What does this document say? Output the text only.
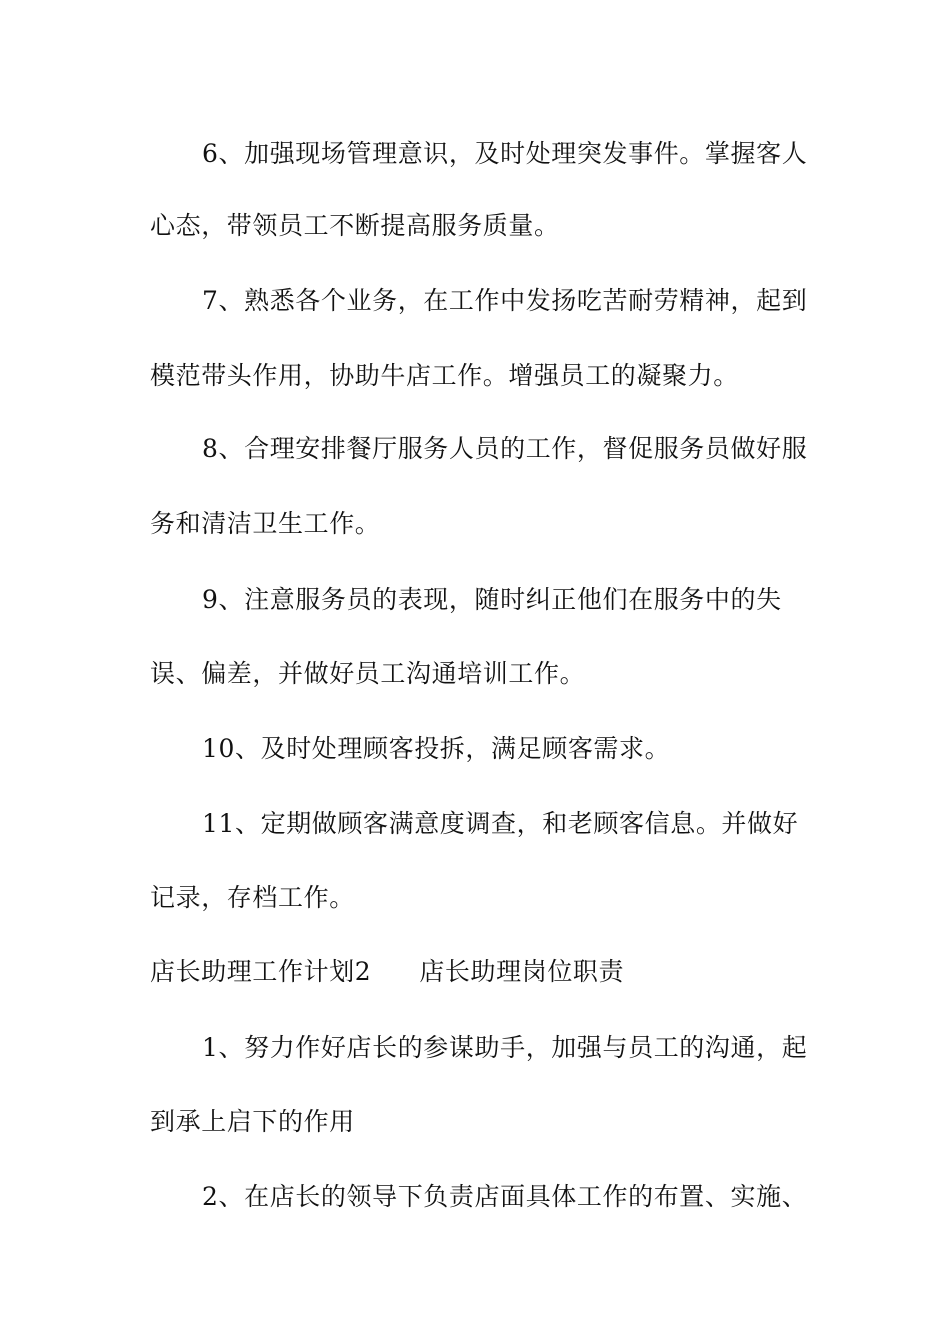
6、加强现场管理意识，及时处理突发事件。掌握客人
心态，带领员工不断提高服务质量。
7、熟悉各个业务，在工作中发扬吃苦耐劳精神，起到
模范带头作用，协助牛店工作。增强员工的凝聚力。
8、合理安排餐厅服务人员的工作，督促服务员做好服
务和清洁卫生工作。
9、注意服务员的表现，随时纠正他们在服务中的失
误、偏差，并做好员工沟通培训工作。
10、及时处理顾客投拆，满足顾客需求。
11、定期做顾客满意度调查，和老顾客信息。并做好
记录，存档工作。
店长助理工作计划2 店长助理岗位职责
1、努力作好店长的参谋助手，加强与员工的沟通，起
到承上启下的作用
2、在店长的领导下负责店面具体工作的布置、实施、
